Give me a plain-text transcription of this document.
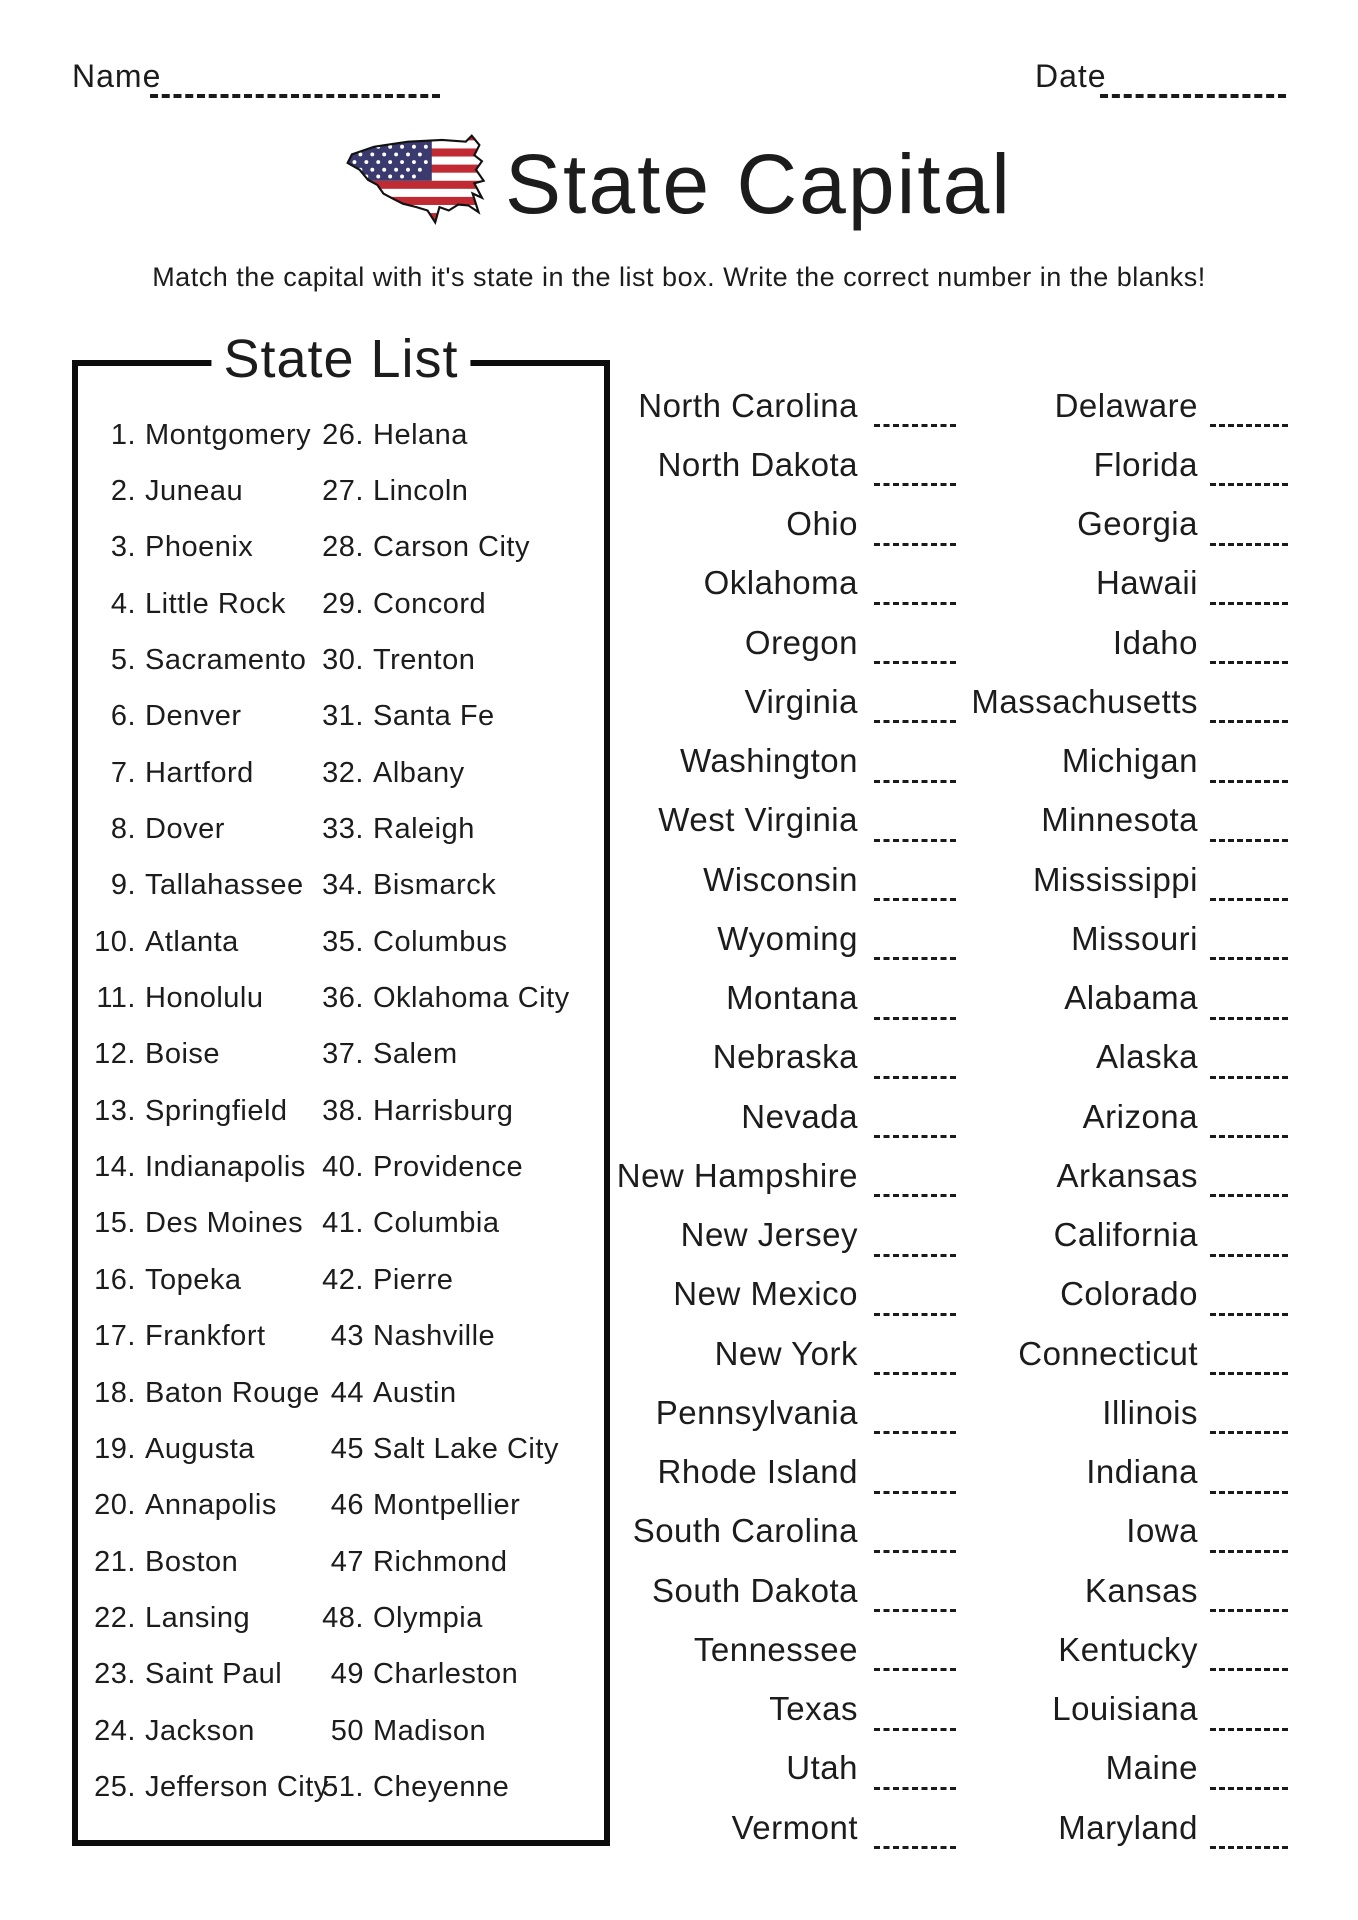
Name	Date
State Capital
Match the capital with it's state in the list box. Write the correct number in the blanks!
State List
1. Montgomery
2. Juneau
3. Phoenix
4. Little Rock
5. Sacramento
6. Denver
7. Hartford
8. Dover
9. Tallahassee
10. Atlanta
11. Honolulu
12. Boise
13. Springfield
14. Indianapolis
15. Des Moines
16. Topeka
17. Frankfort
18. Baton Rouge
19. Augusta
20. Annapolis
21. Boston
22. Lansing
23. Saint Paul
24. Jackson
25. Jefferson City
26. Helana
27. Lincoln
28. Carson City
29. Concord
30. Trenton
31. Santa Fe
32. Albany
33. Raleigh
34. Bismarck
35. Columbus
36. Oklahoma City
37. Salem
38. Harrisburg
40. Providence
41. Columbia
42. Pierre
43 Nashville
44 Austin
45 Salt Lake City
46 Montpellier
47 Richmond
48. Olympia
49 Charleston
50 Madison
51. Cheyenne
North Carolina
North Dakota
Ohio
Oklahoma
Oregon
Virginia
Washington
West Virginia
Wisconsin
Wyoming
Montana
Nebraska
Nevada
New Hampshire
New Jersey
New Mexico
New York
Pennsylvania
Rhode Island
South Carolina
South Dakota
Tennessee
Texas
Utah
Vermont
Delaware
Florida
Georgia
Hawaii
Idaho
Massachusetts
Michigan
Minnesota
Mississippi
Missouri
Alabama
Alaska
Arizona
Arkansas
California
Colorado
Connecticut
Illinois
Indiana
Iowa
Kansas
Kentucky
Louisiana
Maine
Maryland
